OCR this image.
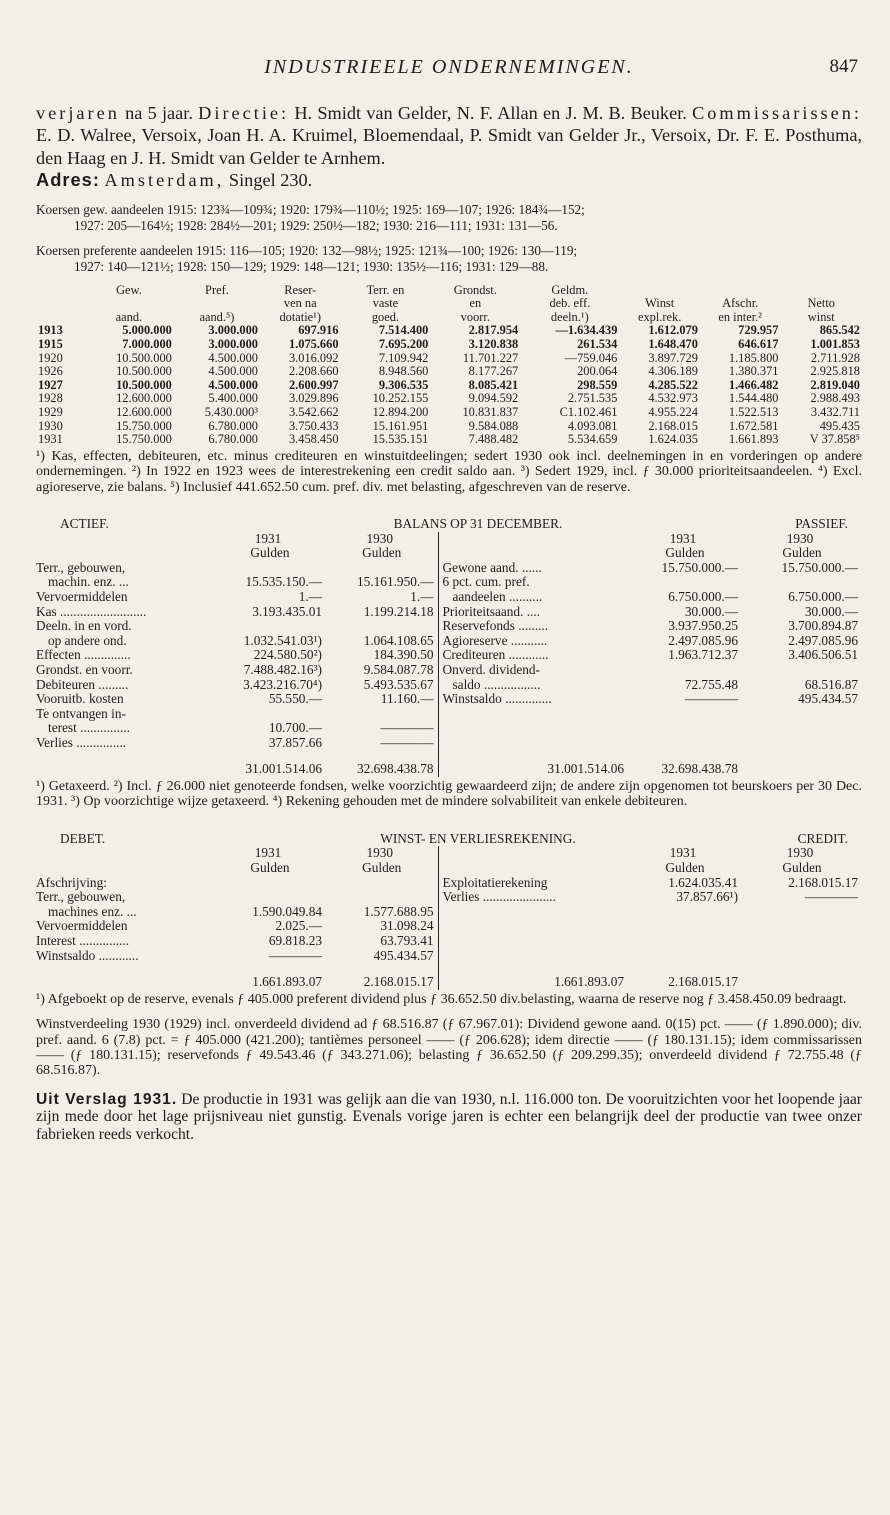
INDUSTRIEELE ONDERNEMINGEN.	847

verjaren na 5 jaar. Directie: H. Smidt van Gelder, N. F. Allan en J. M. B. Beuker. Commissarissen: E. D. Walree, Versoix, Joan H. A. Kruimel, Bloemendaal, P. Smidt van Gelder Jr., Versoix, Dr. F. E. Posthuma, den Haag en J. H. Smidt van Gelder te Arnhem.

Adres: Amsterdam, Singel 230.

Koersen gew. aandeelen 1915: 123¾—109¾; 1920: 179¾—110½; 1925: 169—107; 1926: 184¾—152;
1927: 205—164½; 1928: 284½—201; 1929: 250½—182; 1930: 216—111; 1931: 131—56.

Koersen preferente aandeelen 1915: 116—105; 1920: 132—98½; 1925: 121¾—100; 1926: 130—119;
1927: 140—121½; 1928: 150—129; 1929: 148—121; 1930: 135½—116; 1931: 129—88.

	Gew.	Pref.	Reser-	Terr. en	Grondst.	Geldm.			
			ven na	vaste	en	deb. eff.	Winst	Afschr.	Netto
	aand.	aand.⁵)	dotatie¹)	goed.	voorr.	deeln.¹)	expl.rek.	en inter.²	winst
1913	5.000.000	3.000.000	697.916	7.514.400	2.817.954	—1.634.439	1.612.079	729.957	865.542
1915	7.000.000	3.000.000	1.075.660	7.695.200	3.120.838	261.534	1.648.470	646.617	1.001.853
1920	10.500.000	4.500.000	3.016.092	7.109.942	11.701.227	—759.046	3.897.729	1.185.800	2.711.928
1926	10.500.000	4.500.000	2.208.660	8.948.560	8.177.267	200.064	4.306.189	1.380.371	2.925.818
1927	10.500.000	4.500.000	2.600.997	9.306.535	8.085.421	298.559	4.285.522	1.466.482	2.819.040
1928	12.600.000	5.400.000	3.029.896	10.252.155	9.094.592	2.751.535	4.532.973	1.544.480	2.988.493
1929	12.600.000	5.430.000³	3.542.662	12.894.200	10.831.837	C1.102.461	4.955.224	1.522.513	3.432.711
1930	15.750.000	6.780.000	3.750.433	15.161.951	9.584.088	4.093.081	2.168.015	1.672.581	495.435
1931	15.750.000	6.780.000	3.458.450	15.535.151	7.488.482	5.534.659	1.624.035	1.661.893	V 37.858⁵

¹) Kas, effecten, debiteuren, etc. minus crediteuren en winstuitdeelingen; sedert 1930 ook incl. deelnemingen in en vorderingen op andere ondernemingen. ²) In 1922 en 1923 wees de interestrekening een credit saldo aan. ³) Sedert 1929, incl. ƒ 30.000 prioriteitsaandeelen. ⁴) Excl. agioreserve, zie balans. ⁵) Inclusief 441.652.50 cum. pref. div. met belasting, afgeschreven van de reserve.

ACTIEF.	BALANS OP 31 DECEMBER.				PASSIEF.
	1931	1930		1931	1930
	Gulden	Gulden		Gulden	Gulden
Terr., gebouwen,			Gewone aand. ......	15.750.000.—	15.750.000.—
machin. enz. ...	15.535.150.—	15.161.950.—	6 pct. cum. pref.		
Vervoermiddelen	1.—	1.—	aandeelen ..........	6.750.000.—	6.750.000.—
Kas ..........................	3.193.435.01	1.199.214.18	Prioriteitsaand. ....	30.000.—	30.000.—
Deeln. in en vord.			Reservefonds .........	3.937.950.25	3.700.894.87
op andere ond.	1.032.541.03¹)	1.064.108.65	Agioreserve ...........	2.497.085.96	2.497.085.96
Effecten ..............	224.580.50²)	184.390.50	Crediteuren ............	1.963.712.37	3.406.506.51
Grondst. en voorr.	7.488.482.16³)	9.584.087.78	Onverd. dividend-		
Debiteuren .........	3.423.216.70⁴)	5.493.535.67	saldo .................	72.755.48	68.516.87
Vooruitb. kosten	55.550.—	11.160.—	Winstsaldo ..............	————	495.434.57
Te ontvangen in-					
terest ...............	10.700.—	————			
Verlies ...............	37.857.66	————			
	31.001.514.06	32.698.438.78	31.001.514.06	32.698.438.78	

¹) Getaxeerd. ²) Incl. ƒ 26.000 niet genoteerde fondsen, welke voorzichtig gewaardeerd zijn; de andere zijn opgenomen tot beurskoers per 30 Dec. 1931. ³) Op voorzichtige wijze getaxeerd. ⁴) Rekening gehouden met de mindere solvabiliteit van enkele debiteuren.

DEBET.	WINST- EN VERLIESREKENING.				CREDIT.
	1931	1930		1931	1930
	Gulden	Gulden		Gulden	Gulden
Afschrijving:			Exploitatierekening	1.624.035.41	2.168.015.17
Terr., gebouwen,			Verlies ......................	37.857.66¹)	————
machines enz. ...	1.590.049.84	1.577.688.95			
Vervoermiddelen	2.025.—	31.098.24			
Interest ...............	69.818.23	63.793.41			
Winstsaldo ............	————	495.434.57			
	1.661.893.07	2.168.015.17	1.661.893.07	2.168.015.17	

¹) Afgeboekt op de reserve, evenals ƒ 405.000 preferent dividend plus ƒ 36.652.50 div.belasting, waarna de reserve nog ƒ 3.458.450.09 bedraagt.

Winstverdeeling 1930 (1929) incl. onverdeeld dividend ad ƒ 68.516.87 (ƒ 67.967.01): Dividend gewone aand. 0(15) pct. —— (ƒ 1.890.000); div. pref. aand. 6 (7.8) pct. = ƒ 405.000 (421.200); tantièmes personeel —— (ƒ 206.628); idem directie —— (ƒ 180.131.15); idem commissarissen —— (ƒ 180.131.15); reservefonds ƒ 49.543.46 (ƒ 343.271.06); belasting ƒ 36.652.50 (ƒ 209.299.35); onverdeeld dividend ƒ 72.755.48 (ƒ 68.516.87).

Uit Verslag 1931. De productie in 1931 was gelijk aan die van 1930, n.l. 116.000 ton. De vooruitzichten voor het loopende jaar zijn mede door het lage prijsniveau niet gunstig. Evenals vorige jaren is echter een belangrijk deel der productie van twee onzer fabrieken reeds verkocht.
